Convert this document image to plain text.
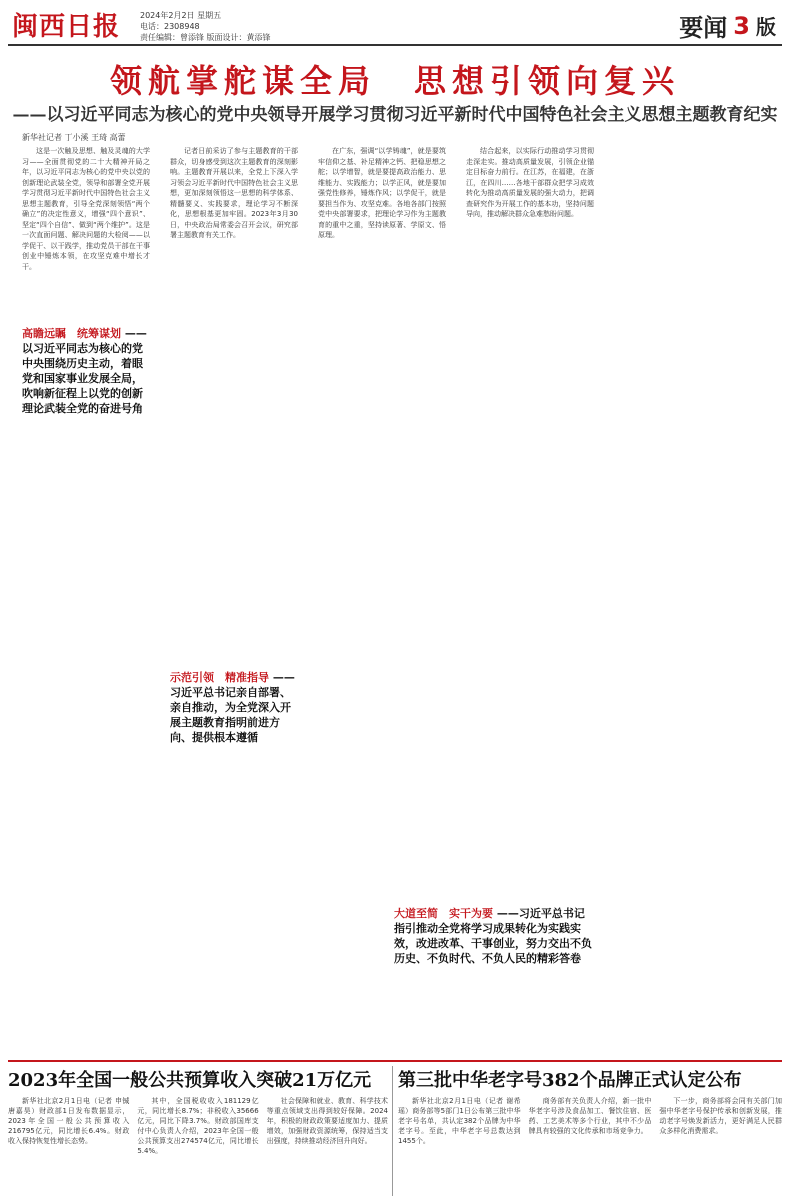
闽西日报 2024年2月2日 星期五
电话：2308948
责任编辑：曾添锋 版面设计：黄添锋	要闻 3 版
领航掌舵谋全局　思想引领向复兴
——以习近平同志为核心的党中央领导开展学习贯彻习近平新时代中国特色社会主义思想主题教育纪实
新华社记者 丁小溪 王琦 高蕾

这是一次触及思想、触及灵魂的大学习——全面贯彻党的二十大精神开局之年，以习近平同志为核心的党中央以党的创新理论武装全党，领导和部署全党开展学习贯彻习近平新时代中国特色社会主义思想主题教育，引导全党深刻领悟“两个确立”的决定性意义，增强“四个意识”、坚定“四个自信”、做到“两个维护”。这是一次直面问题、解决问题的大检阅——以学促干、以干践学，推动党员干部在干事创业中锤炼本领，在攻坚克难中增长才干。

记者日前采访了参与主题教育的干部群众，切身感受到这次主题教育的深刻影响。主题教育开展以来，全党上下深入学习领会习近平新时代中国特色社会主义思想，更加深刻领悟这一思想的科学体系、精髓要义、实践要求，理论学习不断深化，思想根基更加牢固。2023年3月30日，中央政治局常委会召开会议，研究部署主题教育有关工作。

在广东，强调“以学铸魂”，就是要筑牢信仰之基、补足精神之钙、把稳思想之舵；以学增智，就是要提高政治能力、思维能力、实践能力；以学正风，就是要加强党性修养，锤炼作风；以学促干，就是要担当作为、攻坚克难。各地各部门按照党中央部署要求，把理论学习作为主题教育的重中之重，坚持读原著、学原文、悟原理。

结合起来，以实际行动推动学习贯彻走深走实。推动高质量发展，引领企业锚定目标奋力前行。在江苏，在福建，在浙江，在四川……各地干部群众把学习成效转化为推动高质量发展的强大动力，把调查研究作为开展工作的基本功，坚持问题导向，推动解决群众急难愁盼问题。

高瞻远瞩　统筹谋划 ——以习近平同志为核心的党中央围绕历史主动，着眼党和国家事业发展全局，吹响新征程上以党的创新理论武装全党的奋进号角
示范引领　精准指导 ——习近平总书记亲自部署、亲自推动，为全党深入开展主题教育指明前进方向、提供根本遵循
大道至简　实干为要 ——习近平总书记指引推动全党将学习成果转化为实践实效，改进改革、干事创业，努力交出不负历史、不负时代、不负人民的精彩答卷
2023年全国一般公共预算收入突破21万亿元

新华社北京2月1日电（记者 申铖 唐嘉昊）财政部1日发布数据显示，2023年全国一般公共预算收入216795亿元，同比增长6.4%。财政收入保持恢复性增长态势。

其中，全国税收收入181129亿元，同比增长8.7%；非税收入35666亿元，同比下降3.7%。财政部国库支付中心负责人介绍，2023年全国一般公共预算支出274574亿元，同比增长5.4%。

社会保障和就业、教育、科学技术等重点领域支出得到较好保障。2024年，积极的财政政策要适度加力、提质增效，加强财政资源统筹，保持适当支出强度，持续推动经济回升向好。

第三批中华老字号382个品牌正式认定公布

新华社北京2月1日电（记者 谢希瑶）商务部等5部门1日公布第三批中华老字号名单，共认定382个品牌为中华老字号。至此，中华老字号总数达到1455个。

商务部有关负责人介绍，新一批中华老字号涉及食品加工、餐饮住宿、医药、工艺美术等多个行业，其中不少品牌具有较强的文化传承和市场竞争力。

下一步，商务部将会同有关部门加强中华老字号保护传承和创新发展，推动老字号焕发新活力，更好满足人民群众多样化消费需求。
